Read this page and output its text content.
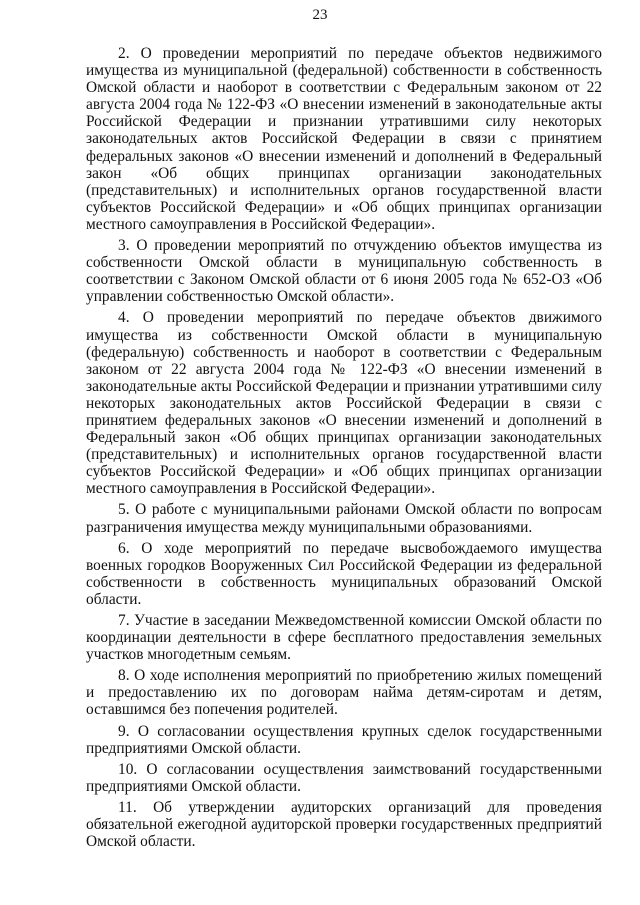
23

2. О проведении мероприятий по передаче объектов недвижимого имущества из муниципальной (федеральной) собственности в собственность Омской области и наоборот в соответствии с Федеральным законом от 22 августа 2004 года № 122-ФЗ «О внесении изменений в законодательные акты Российской Федерации и признании утратившими силу некоторых законодательных актов Российской Федерации в связи с принятием федеральных законов «О внесении изменений и дополнений в Федеральный закон «Об общих принципах организации законодательных (представительных) и исполнительных органов государственной власти субъектов Российской Федерации» и «Об общих принципах организации местного самоуправления в Российской Федерации».

3. О проведении мероприятий по отчуждению объектов имущества из собственности Омской области в муниципальную собственность в соответствии с Законом Омской области от 6 июня 2005 года № 652-ОЗ «Об управлении собственностью Омской области».

4. О проведении мероприятий по передаче объектов движимого имущества из собственности Омской области в муниципальную (федеральную) собственность и наоборот в соответствии с Федеральным законом от 22 августа 2004 года № 122-ФЗ «О внесении изменений в законодательные акты Российской Федерации и признании утратившими силу некоторых законодательных актов Российской Федерации в связи с принятием федеральных законов «О внесении изменений и дополнений в Федеральный закон «Об общих принципах организации законодательных (представительных) и исполнительных органов государственной власти субъектов Российской Федерации» и «Об общих принципах организации местного самоуправления в Российской Федерации».

5. О работе с муниципальными районами Омской области по вопросам разграничения имущества между муниципальными образованиями.

6. О ходе мероприятий по передаче высвобождаемого имущества военных городков Вооруженных Сил Российской Федерации из федеральной собственности в собственность муниципальных образований Омской области.

7. Участие в заседании Межведомственной комиссии Омской области по координации деятельности в сфере бесплатного предоставления земельных участков многодетным семьям.

8. О ходе исполнения мероприятий по приобретению жилых помещений и предоставлению их по договорам найма детям-сиротам и детям, оставшимся без попечения родителей.

9. О согласовании осуществления крупных сделок государственными предприятиями Омской области.

10. О согласовании осуществления заимствований государственными предприятиями Омской области.

11. Об утверждении аудиторских организаций для проведения обязательной ежегодной аудиторской проверки государственных предприятий Омской области.
